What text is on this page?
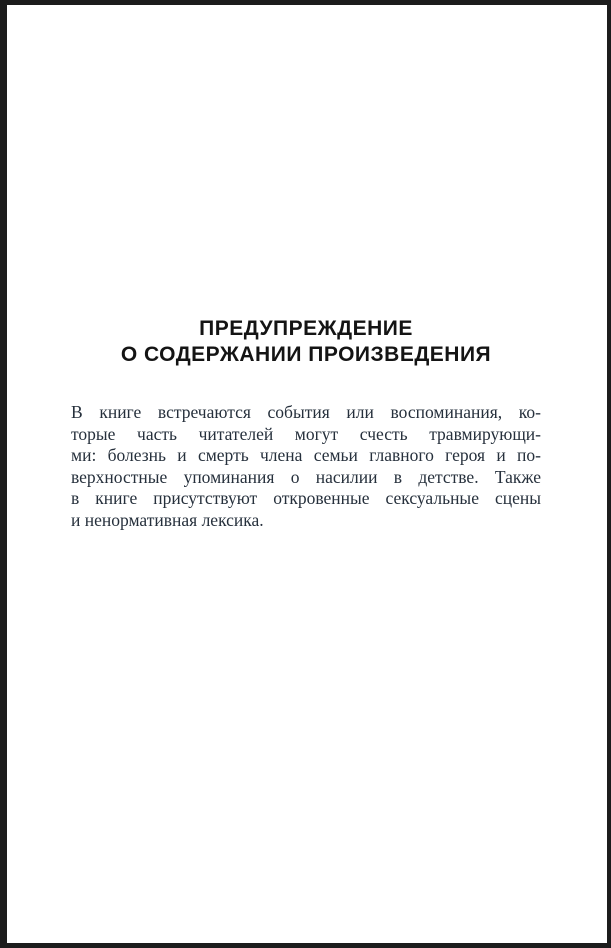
ПРЕДУПРЕЖДЕНИЕ
О СОДЕРЖАНИИ ПРОИЗВЕДЕНИЯ
В книге встречаются события или воспоминания, ко-
торые часть читателей могут счесть травмирующи-
ми: болезнь и смерть члена семьи главного героя и по-
верхностные упоминания о насилии в детстве. Также
в книге присутствуют откровенные сексуальные сцены
и ненормативная лексика.
